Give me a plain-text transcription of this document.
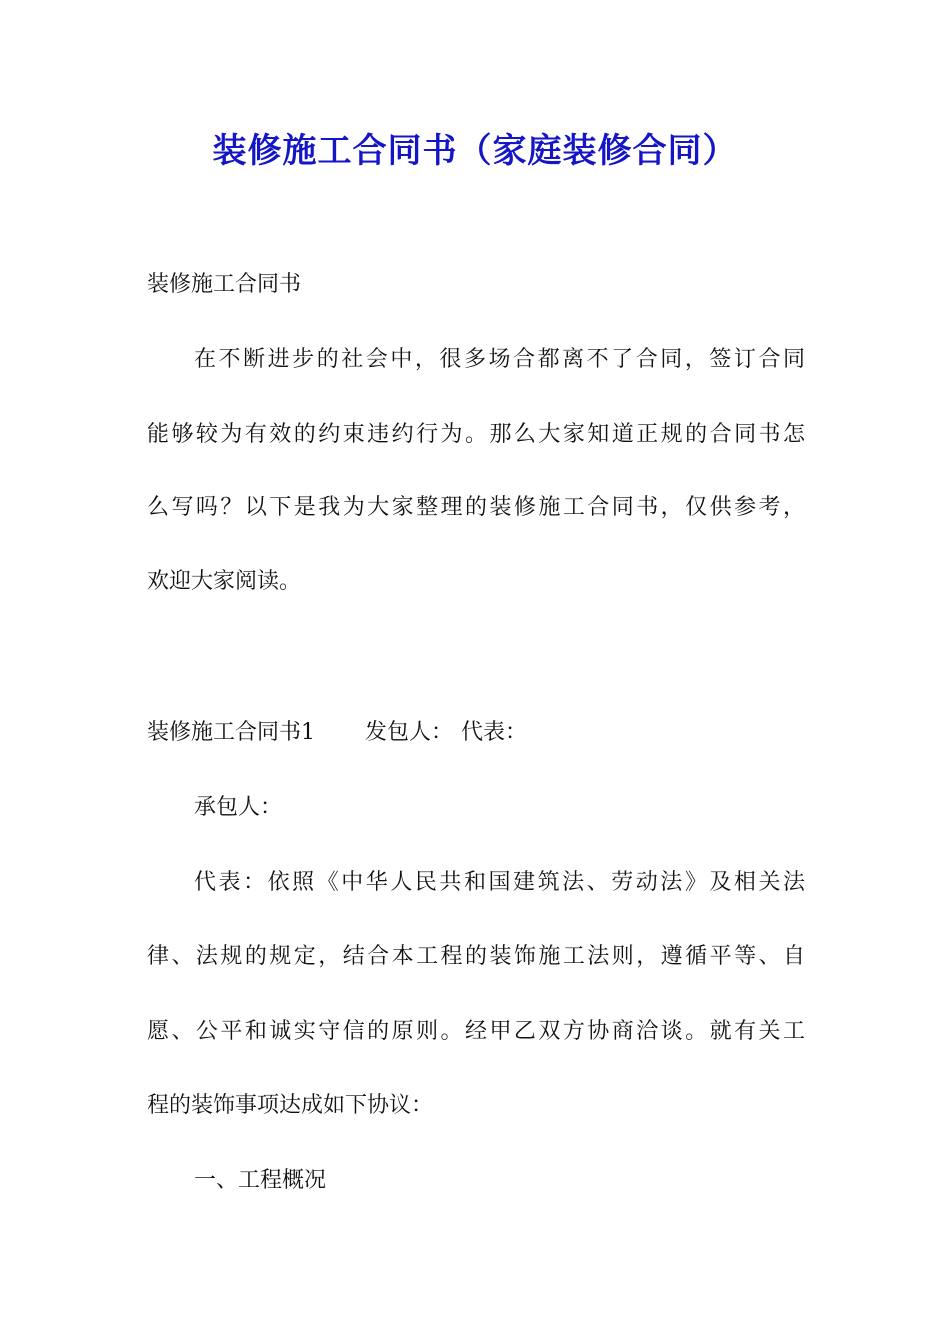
装修施工合同书（家庭装修合同）
装修施工合同书
在不断进步的社会中，很多场合都离不了合同，签订合同
能够较为有效的约束违约行为。那么大家知道正规的合同书怎
么写吗？以下是我为大家整理的装修施工合同书，仅供参考，
欢迎大家阅读。
装修施工合同书1 发包人： 代表：
承包人：
代表：依照《中华人民共和国建筑法、劳动法》及相关法
律、法规的规定，结合本工程的装饰施工法则，遵循平等、自
愿、公平和诚实守信的原则。经甲乙双方协商洽谈。就有关工
程的装饰事项达成如下协议：
一、工程概况
